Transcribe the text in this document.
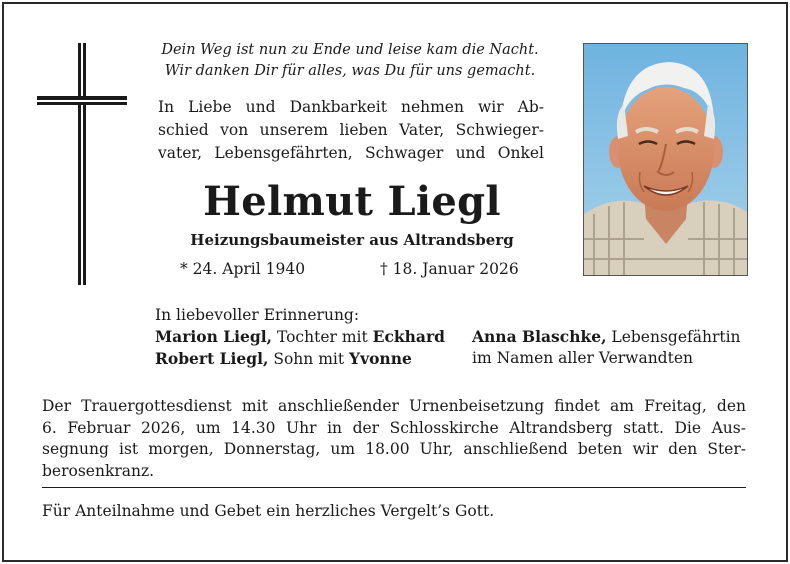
Dein Weg ist nun zu Ende und leise kam die Nacht.
Wir danken Dir für alles, was Du für uns gemacht.
In Liebe und Dankbarkeit nehmen wir Ab-
schied von unserem lieben Vater, Schwieger-
vater, Lebensgefährten, Schwager und Onkel
Helmut Liegl
Heizungsbaumeister aus Altrandsberg
* 24. April 1940	† 18. Januar 2026
In liebevoller Erinnerung:
Marion Liegl, Tochter mit Eckhard
Robert Liegl, Sohn mit Yvonne
Anna Blaschke, Lebensgefährtin
im Namen aller Verwandten
Der Trauergottesdienst mit anschließender Urnenbeisetzung findet am Freitag, den
6. Februar 2026, um 14.30 Uhr in der Schlosskirche Altrandsberg statt. Die Aus-
segnung ist morgen, Donnerstag, um 18.00 Uhr, anschließend beten wir den Ster-
berosenkranz.
Für Anteilnahme und Gebet ein herzliches Vergelt’s Gott.
